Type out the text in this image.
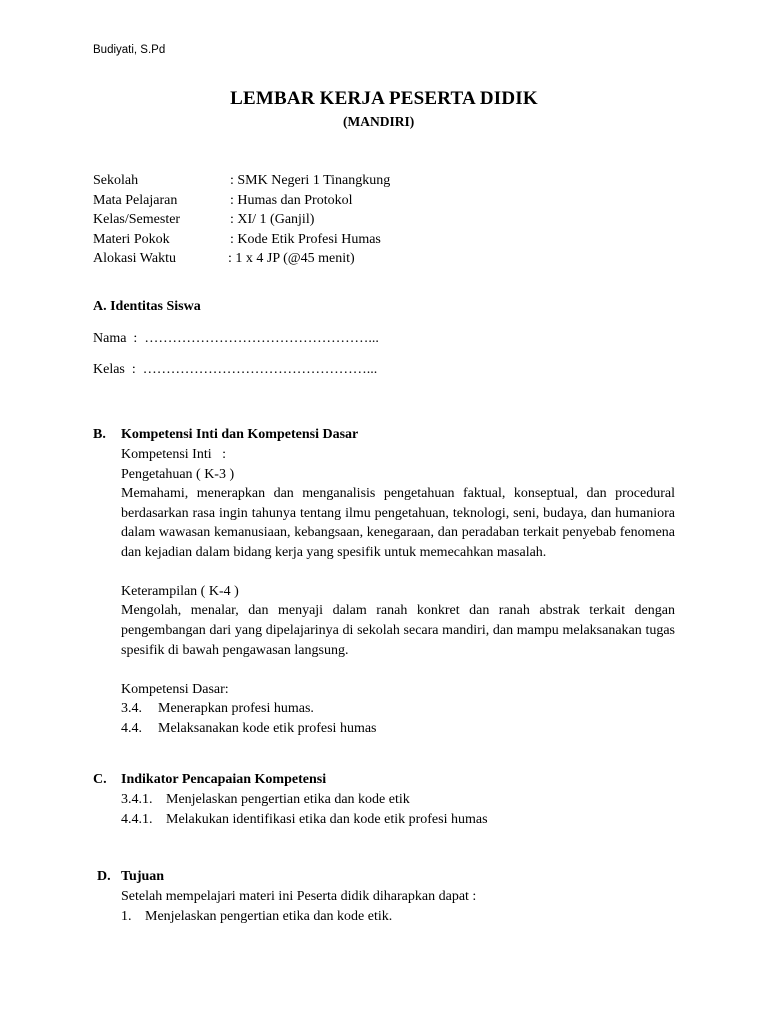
Budiyati, S.Pd
LEMBAR KERJA PESERTA DIDIK
(MANDIRI)
Sekolah	: SMK Negeri 1 Tinangkung
Mata Pelajaran	: Humas dan Protokol
Kelas/Semester	: XI/ 1 (Ganjil)
Materi Pokok	: Kode Etik Profesi Humas
Alokasi Waktu	: 1 x 4 JP (@45 menit)
A. Identitas Siswa
Nama  :  …………………………………………...
Kelas  :  …………………………………………...
B.	Kompetensi Inti dan Kompetensi Dasar
Kompetensi Inti   :
Pengetahuan ( K-3 )
Memahami, menerapkan dan menganalisis pengetahuan faktual, konseptual, dan procedural berdasarkan rasa ingin tahunya tentang ilmu pengetahuan, teknologi, seni, budaya, dan humaniora dalam wawasan kemanusiaan, kebangsaan, kenegaraan, dan peradaban terkait penyebab fenomena dan kejadian dalam bidang kerja yang spesifik untuk memecahkan masalah.
Keterampilan ( K-4 )
Mengolah, menalar, dan menyaji dalam ranah konkret dan ranah abstrak terkait dengan pengembangan dari yang dipelajarinya di sekolah secara mandiri, dan mampu melaksanakan tugas spesifik di bawah pengawasan langsung.
Kompetensi Dasar:
3.4. Menerapkan profesi humas.
4.4. Melaksanakan kode etik profesi humas
C.	Indikator Pencapaian Kompetensi
3.4.1. Menjelaskan pengertian etika dan kode etik
4.4.1. Melakukan identifikasi etika dan kode etik profesi humas
D. Tujuan
Setelah mempelajari materi ini Peserta didik diharapkan dapat :
1. Menjelaskan pengertian etika dan kode etik.
